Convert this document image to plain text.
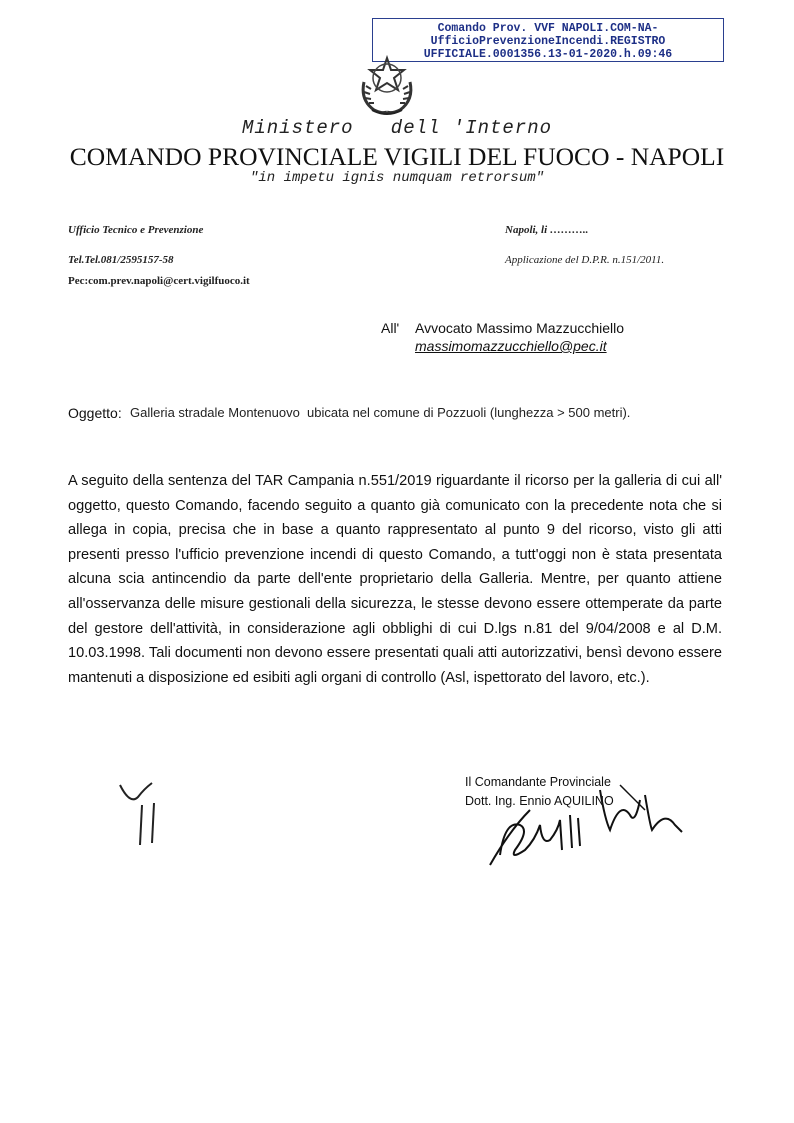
Comando Prov. VVF NAPOLI.COM-NA-
UfficioPrevenzioneIncendi.REGISTRO
UFFICIALE.0001356.13-01-2020.h.09:46
Ministero   dell 'Interno
COMANDO PROVINCIALE VIGILI DEL FUOCO - NAPOLI
"in impetu ignis numquam retrorsum"
Ufficio Tecnico e Prevenzione	Napoli, li ………..
Tel.Tel.081/2595157-58	Applicazione del D.P.R. n.151/2011.
Pec:com.prev.napoli@cert.vigilfuoco.it
All' Avvocato Massimo Mazzucchiello
massimomazzucchiello@pec.it
Oggetto: Galleria stradale Montenuovo  ubicata nel comune di Pozzuoli (lunghezza > 500 metri).
A seguito della sentenza del TAR Campania n.551/2019 riguardante il ricorso per la galleria di cui all' oggetto, questo Comando, facendo seguito a quanto già comunicato con la precedente nota che si allega in copia, precisa che in base a quanto rappresentato al punto 9 del ricorso, visto gli atti presenti presso l'ufficio prevenzione incendi di questo Comando, a tutt'oggi non è stata presentata alcuna scia antincendio da parte dell'ente proprietario della Galleria. Mentre, per quanto attiene all'osservanza delle misure gestionali della sicurezza, le stesse devono essere ottemperate da parte del gestore dell'attività, in considerazione agli obblighi di cui D.lgs n.81 del 9/04/2008 e al D.M. 10.03.1998. Tali documenti non devono essere presentati quali atti autorizzativi, bensì devono essere mantenuti a disposizione ed esibiti agli organi di controllo (Asl, ispettorato del lavoro, etc.).
Il Comandante Provinciale
Dott. Ing. Ennio AQUILINO
